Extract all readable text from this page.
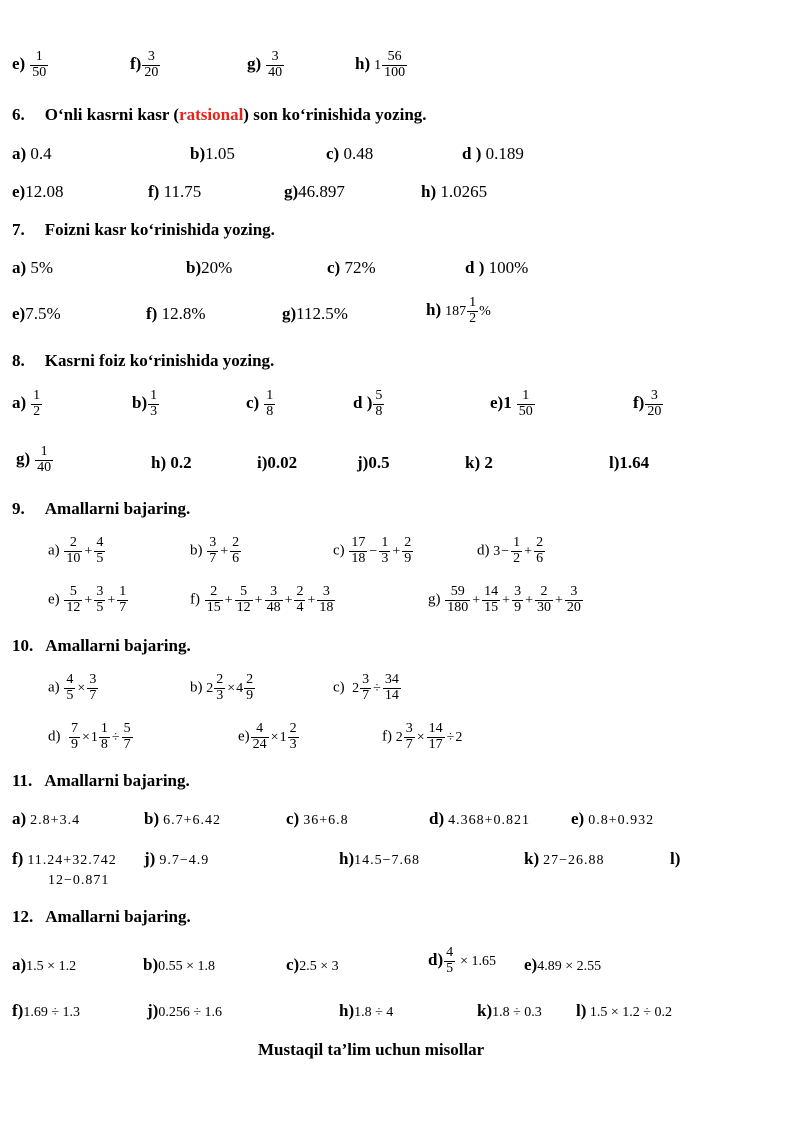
$e) \frac{1}{50}$	$f) \frac{3}{20}$	$g) \frac{3}{40}$	h) $1 \frac{56}{100}$
6. O‘nli kasrni kasr (ratsional) son ko‘rinishida yozing.
a) 0.4	b)1.05	c) 0.48	d ) 0.189
e)12.08	f) 11.75	g)46.897	h) 1.0265
7. Foizni kasr ko‘rinishida yozing.
a) 5%	b)20%	c) 72%	d ) 100%
e)7.5%	f) 12.8%	g)112.5%	h) $187 \frac{1}{2}$ %
8. Kasrni foiz ko‘rinishida yozing.
$a) \frac{1}{2}$	$b) \frac{1}{3}$	$c) \frac{1}{8}$	d ) $\frac{5}{8}$	$e)1 \frac{1}{50}$	$f) \frac{3}{20}$
$g) \frac{1}{40}$	h) 0.2	i)0.02	j)0.5	k) 2	l)1.64
9. Amallarni bajaring.
$a) \frac{2}{10} + \frac{4}{5}$	$b) \frac{3}{7} + \frac{2}{6}$	$c) \frac{17}{18} - \frac{1}{3} + \frac{2}{9}$	d) $3- \frac{1}{2} + \frac{2}{6}$
$e) \frac{5}{12} + \frac{3}{5} + \frac{1}{7}$	$f) \frac{2}{15} + \frac{5}{12} + \frac{3}{48} + \frac{2}{4} + \frac{3}{18}$	$g) \frac{59}{180} + \frac{14}{15} + \frac{3}{9} + \frac{2}{30} + \frac{3}{20}$
10. Amallarni bajaring.
$a) \frac{4}{5} \times \frac{3}{7}$	b) $2 \frac{2}{3} \times 4 \frac{2}{9}$	c) $2 \frac{3}{7} \div \frac{34}{14}$
$d) \frac{7}{9} \times 1 \frac{1}{8} \div \frac{5}{7}$	$e) \frac{4}{24} \times 1 \frac{2}{3}$	f) $2 \frac{3}{7} \times \frac{14}{17} \div 2$
11. Amallarni bajaring.
a) 2.8+3.4	b) 6.7+6.42	c) 36+6.8	d) 4.368+0.821 e) 0.8+0.932
f) 11.24+32.742 j) 9.7−4.9	h)14.5−7.68	k) 27−26.88	l)
12−0.871
12. Amallarni bajaring.
a)1.5 × 1.2	b)0.55 × 1.8	c)2.5 × 3	$d) \frac{4}{5} \times 1.65$ e)4.89 × 2.55
f)1.69 ÷ 1.3	j)0.256 ÷ 1.6	h)1.8 ÷ 4	k)1.8 ÷ 0.3 l) 1.5 × 1.2 ÷ 0.2
Mustaqil ta’lim uchun misollar
